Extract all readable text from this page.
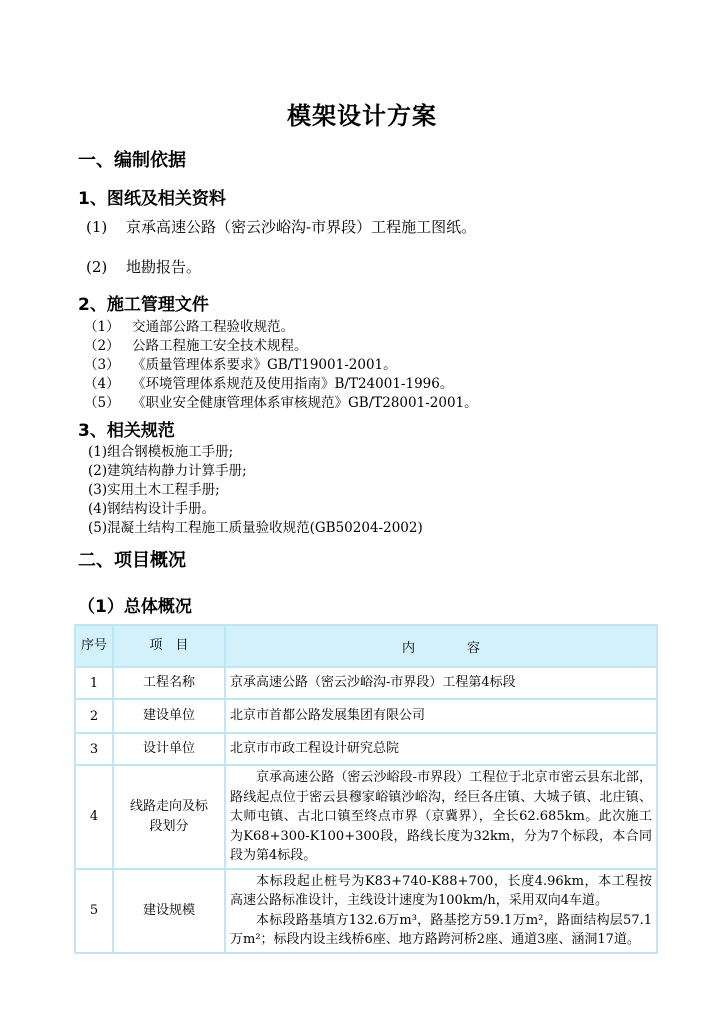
模架设计方案
一、编制依据
1、图纸及相关资料
(1) 京承高速公路（密云沙峪沟-市界段）工程施工图纸。
(2) 地勘报告。
2、施工管理文件
（1） 交通部公路工程验收规范。
（2） 公路工程施工安全技术规程。
（3） 《质量管理体系要求》GB/T19001-2001。
（4） 《环境管理体系规范及使用指南》B/T24001-1996。
（5） 《职业安全健康管理体系审核规范》GB/T28001-2001。
3、相关规范
(1)组合钢模板施工手册;
(2)建筑结构静力计算手册;
(3)实用土木工程手册;
(4)钢结构设计手册。
(5)混凝土结构工程施工质量验收规范(GB50204-2002)
二、项目概况
（1）总体概况
序号	项　目	内　　　　容
1	工程名称	京承高速公路（密云沙峪沟-市界段）工程第4标段
2	建设单位	北京市首都公路发展集团有限公司
3	设计单位	北京市市政工程设计研究总院
4	线路走向及标段划分	京承高速公路（密云沙峪段-市界段）工程位于北京市密云县东北部，路线起点位于密云县穆家峪镇沙峪沟，经巨各庄镇、大城子镇、北庄镇、太师屯镇、古北口镇至终点市界（京冀界），全长62.685km。此次施工为K68+300-K100+300段，路线长度为32km，分为7个标段，本合同段为第4标段。
5	建设规模	本标段起止桩号为K83+740-K88+700，长度4.96km，本工程按高速公路标准设计，主线设计速度为100km/h，采用双向4车道。
本标段路基填方132.6万m³，路基挖方59.1万m²，路面结构层57.1万m²；标段内设主线桥6座、地方路跨河桥2座、通道3座、涵洞17道。
